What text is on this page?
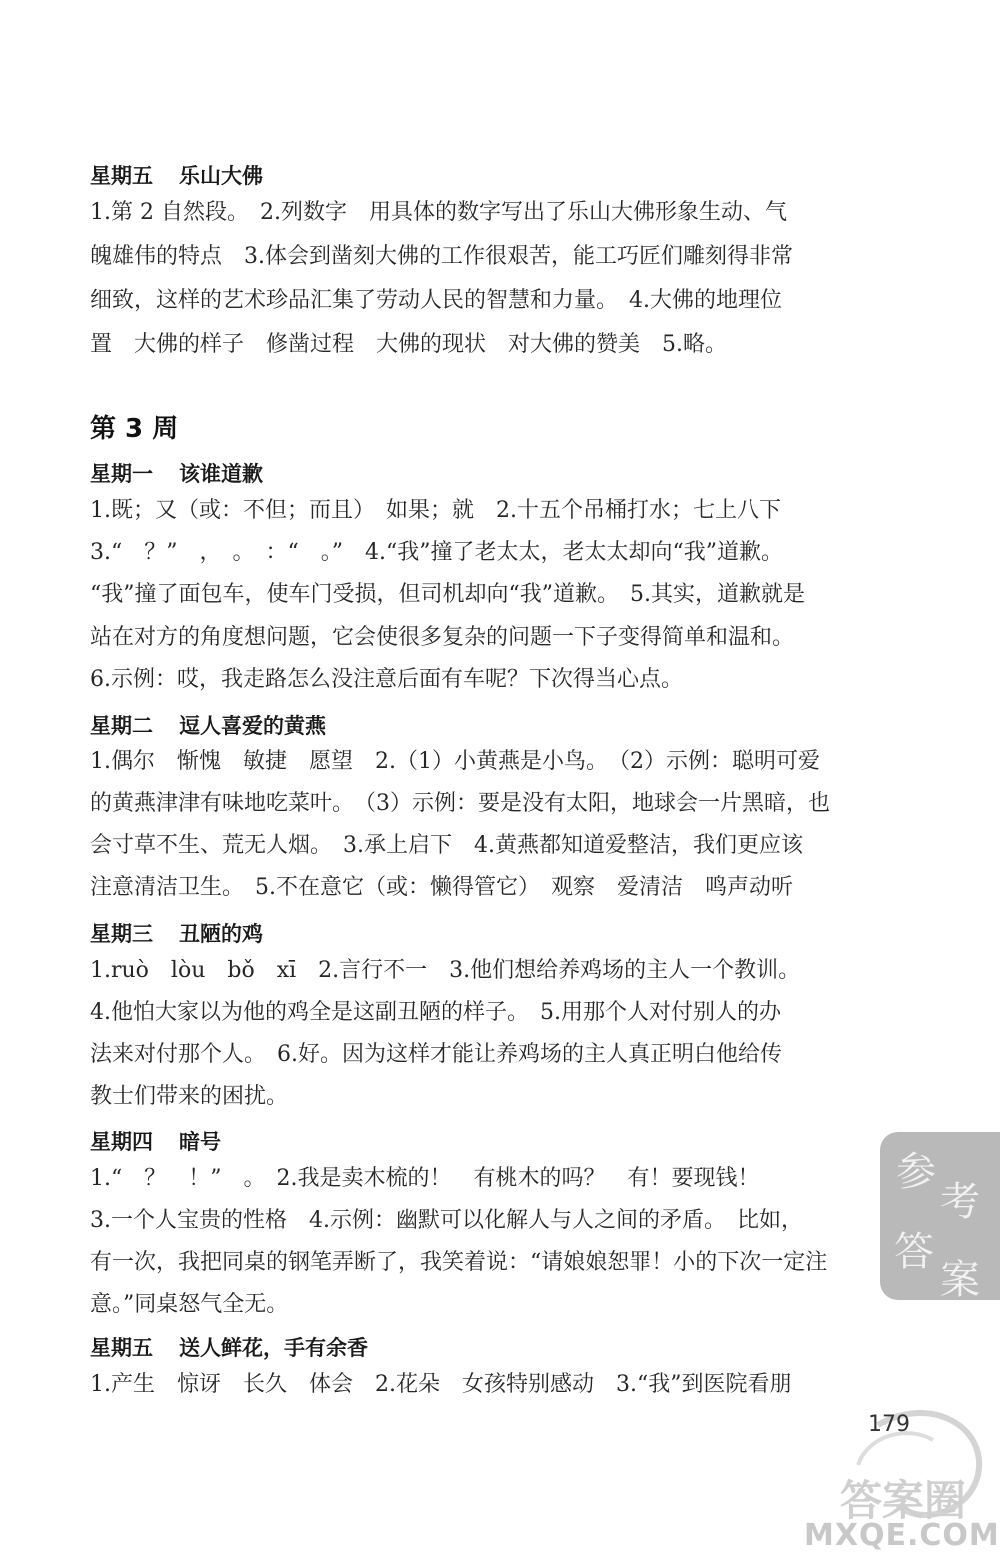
星期五 乐山大佛
1.第 2 自然段。　2.列数字　用具体的数字写出了乐山大佛形象生动、气
魄雄伟的特点　3.体会到凿刻大佛的工作很艰苦，能工巧匠们雕刻得非常
细致，这样的艺术珍品汇集了劳动人民的智慧和力量。　4.大佛的地理位
置　大佛的样子　修凿过程　大佛的现状　对大佛的赞美　5.略。
第 3 周
星期一 该谁道歉
1.既；又（或：不但；而且）　如果；就　2.十五个吊桶打水；七上八下
3.“　？”　，　。　：“　。”　4.“我”撞了老太太，老太太却向“我”道歉。
“我”撞了面包车，使车门受损，但司机却向“我”道歉。　5.其实，道歉就是
站在对方的角度想问题，它会使很多复杂的问题一下子变得简单和温和。
6.示例：哎，我走路怎么没注意后面有车呢？下次得当心点。
星期二 逗人喜爱的黄燕
1.偶尔　惭愧　敏捷　愿望　2.（1）小黄燕是小鸟。　（2）示例：聪明可爱
的黄燕津津有味地吃菜叶。　（3）示例：要是没有太阳，地球会一片黑暗，也
会寸草不生、荒无人烟。　3.承上启下　4.黄燕都知道爱整洁，我们更应该
注意清洁卫生。　5.不在意它（或：懒得管它）　观察　爱清洁　鸣声动听
星期三 丑陋的鸡
1.ruò　lòu　bǒ　xī　2.言行不一　3.他们想给养鸡场的主人一个教训。
4.他怕大家以为他的鸡全是这副丑陋的样子。　5.用那个人对付别人的办
法来对付那个人。　6.好。因为这样才能让养鸡场的主人真正明白他给传
教士们带来的困扰。
星期四 暗号
1.“　？　！”　。　2.我是卖木梳的！　有桃木的吗？　有！要现钱！
3.一个人宝贵的性格　4.示例：幽默可以化解人与人之间的矛盾。　比如，
有一次，我把同桌的钢笔弄断了，我笑着说：“请娘娘恕罪！小的下次一定注
意。”同桌怒气全无。
星期五 送人鲜花，手有余香
1.产生　惊讶　长久　体会　2.花朵　女孩特别感动　3.“我”到医院看朋
参
考
答
案
179
答案圈
MXQE.COM
